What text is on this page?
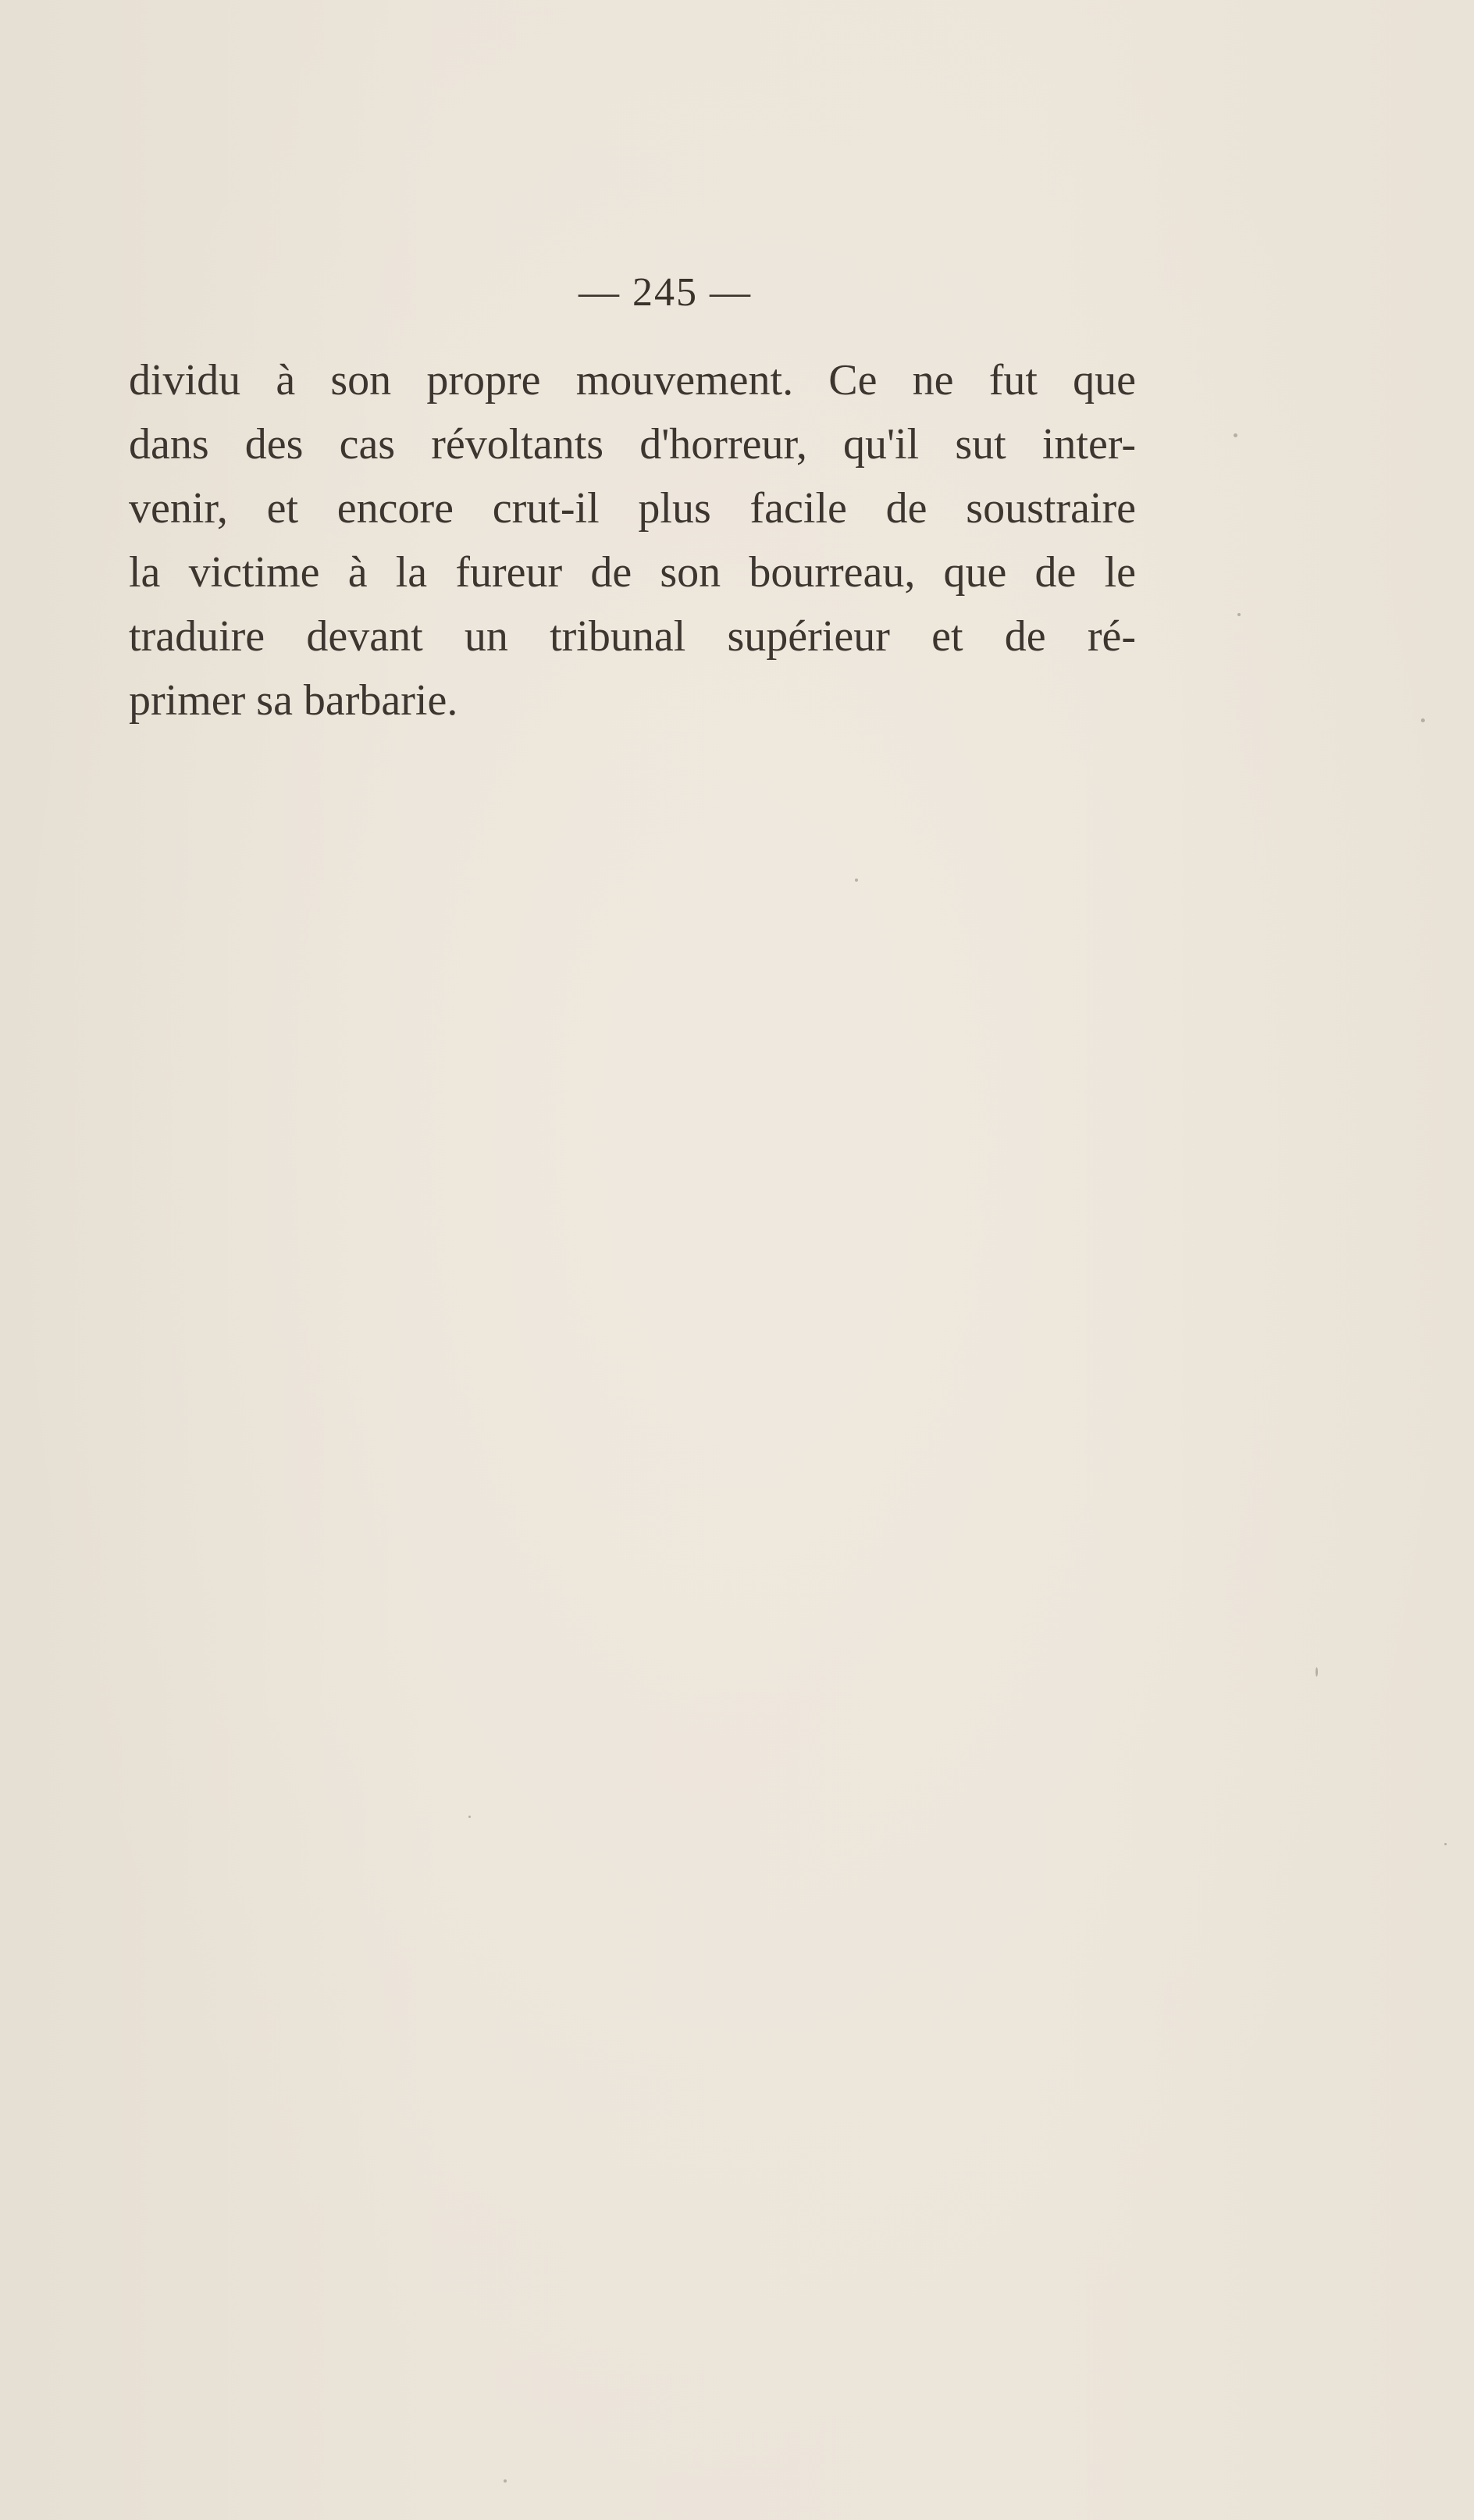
— 245 —
dividu à son propre mouvement. Ce ne fut que
dans des cas révoltants d'horreur, qu'il sut inter-
venir, et encore crut-il plus facile de soustraire
la victime à la fureur de son bourreau, que de le
traduire devant un tribunal supérieur et de ré-
primer sa barbarie.
